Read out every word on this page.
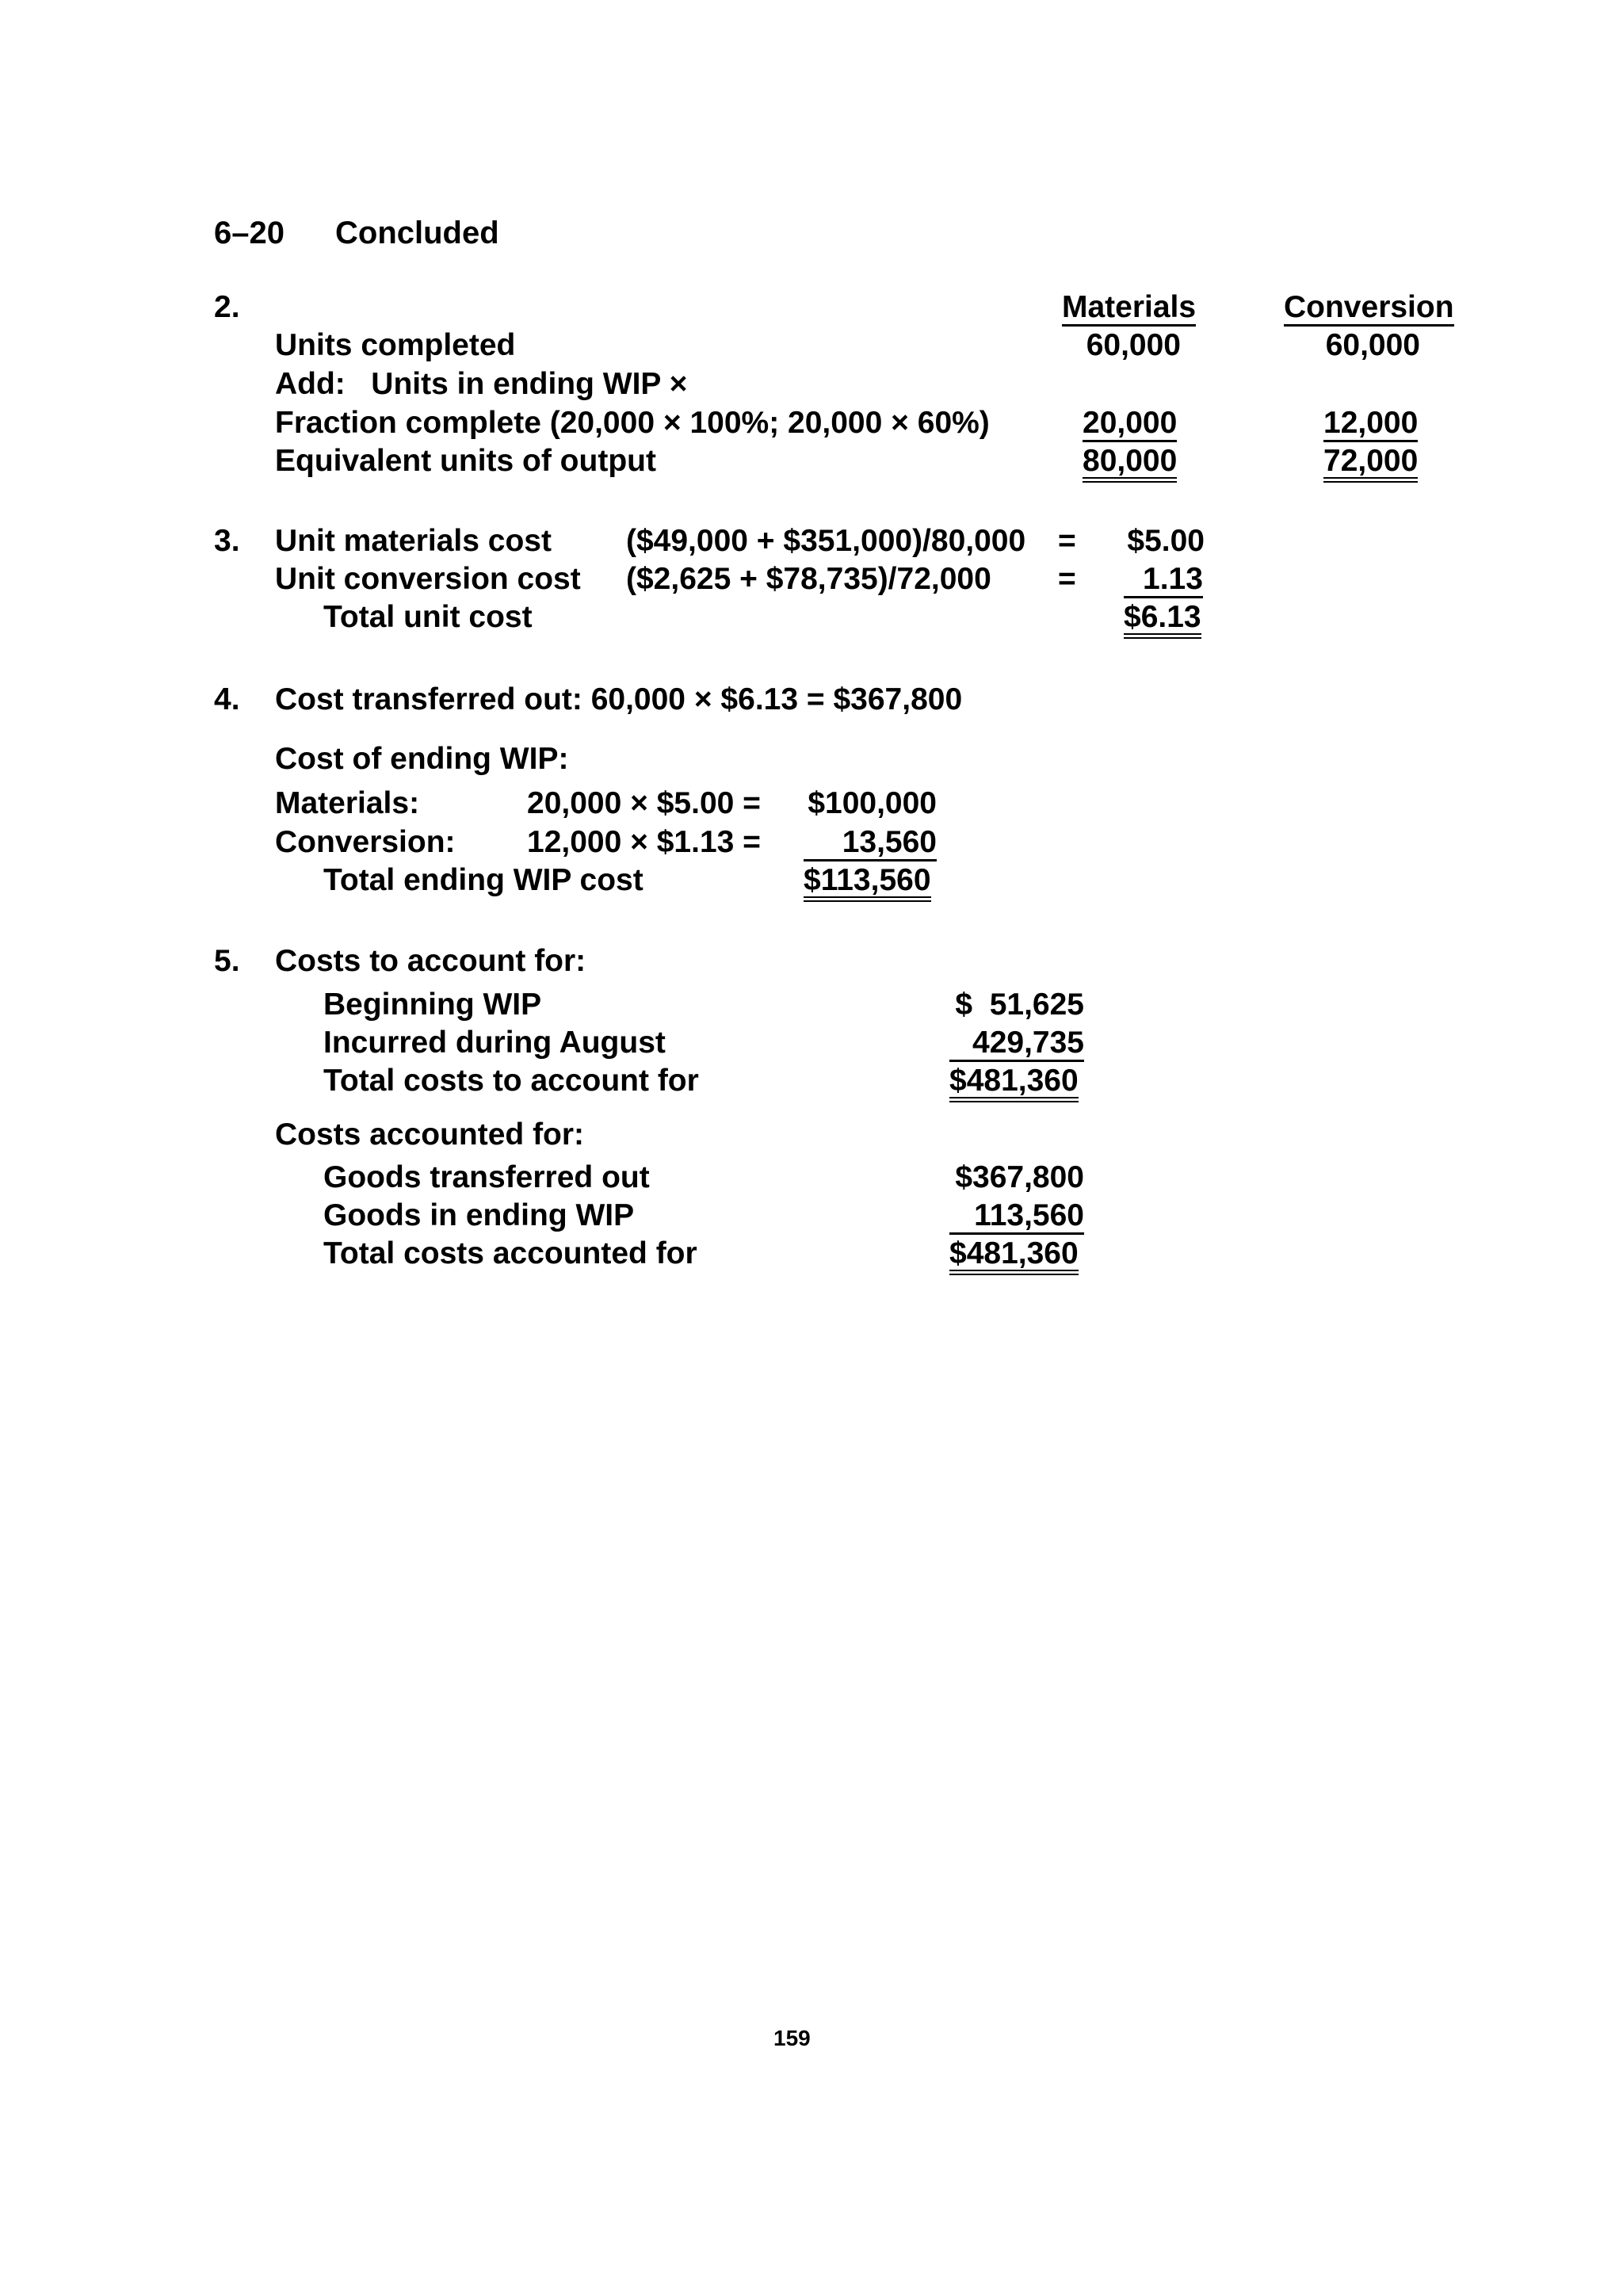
6–20 Concluded
2.	Materials	Conversion
Units completed	60,000	60,000
Add:   Units in ending WIP ×
Fraction complete (20,000 × 100%; 20,000 × 60%)	20,000	12,000
Equivalent units of output	80,000	72,000
3. Unit materials cost ($49,000 + $351,000)/80,000 =	$5.00
Unit conversion cost ($2,625 + $78,735)/72,000 =	1.13
Total unit cost	$6.13
4. Cost transferred out: 60,000 × $6.13 = $367,800
Cost of ending WIP:
Materials:	20,000 × $5.00 =	$100,000
Conversion: 12,000 × $1.13 =	13,560
Total ending WIP cost	$113,560
5. Costs to account for:
Beginning WIP	$  51,625
Incurred during August	429,735
Total costs to account for	$481,360
Costs accounted for:
Goods transferred out	$367,800
Goods in ending WIP	113,560
Total costs accounted for	$481,360
159
